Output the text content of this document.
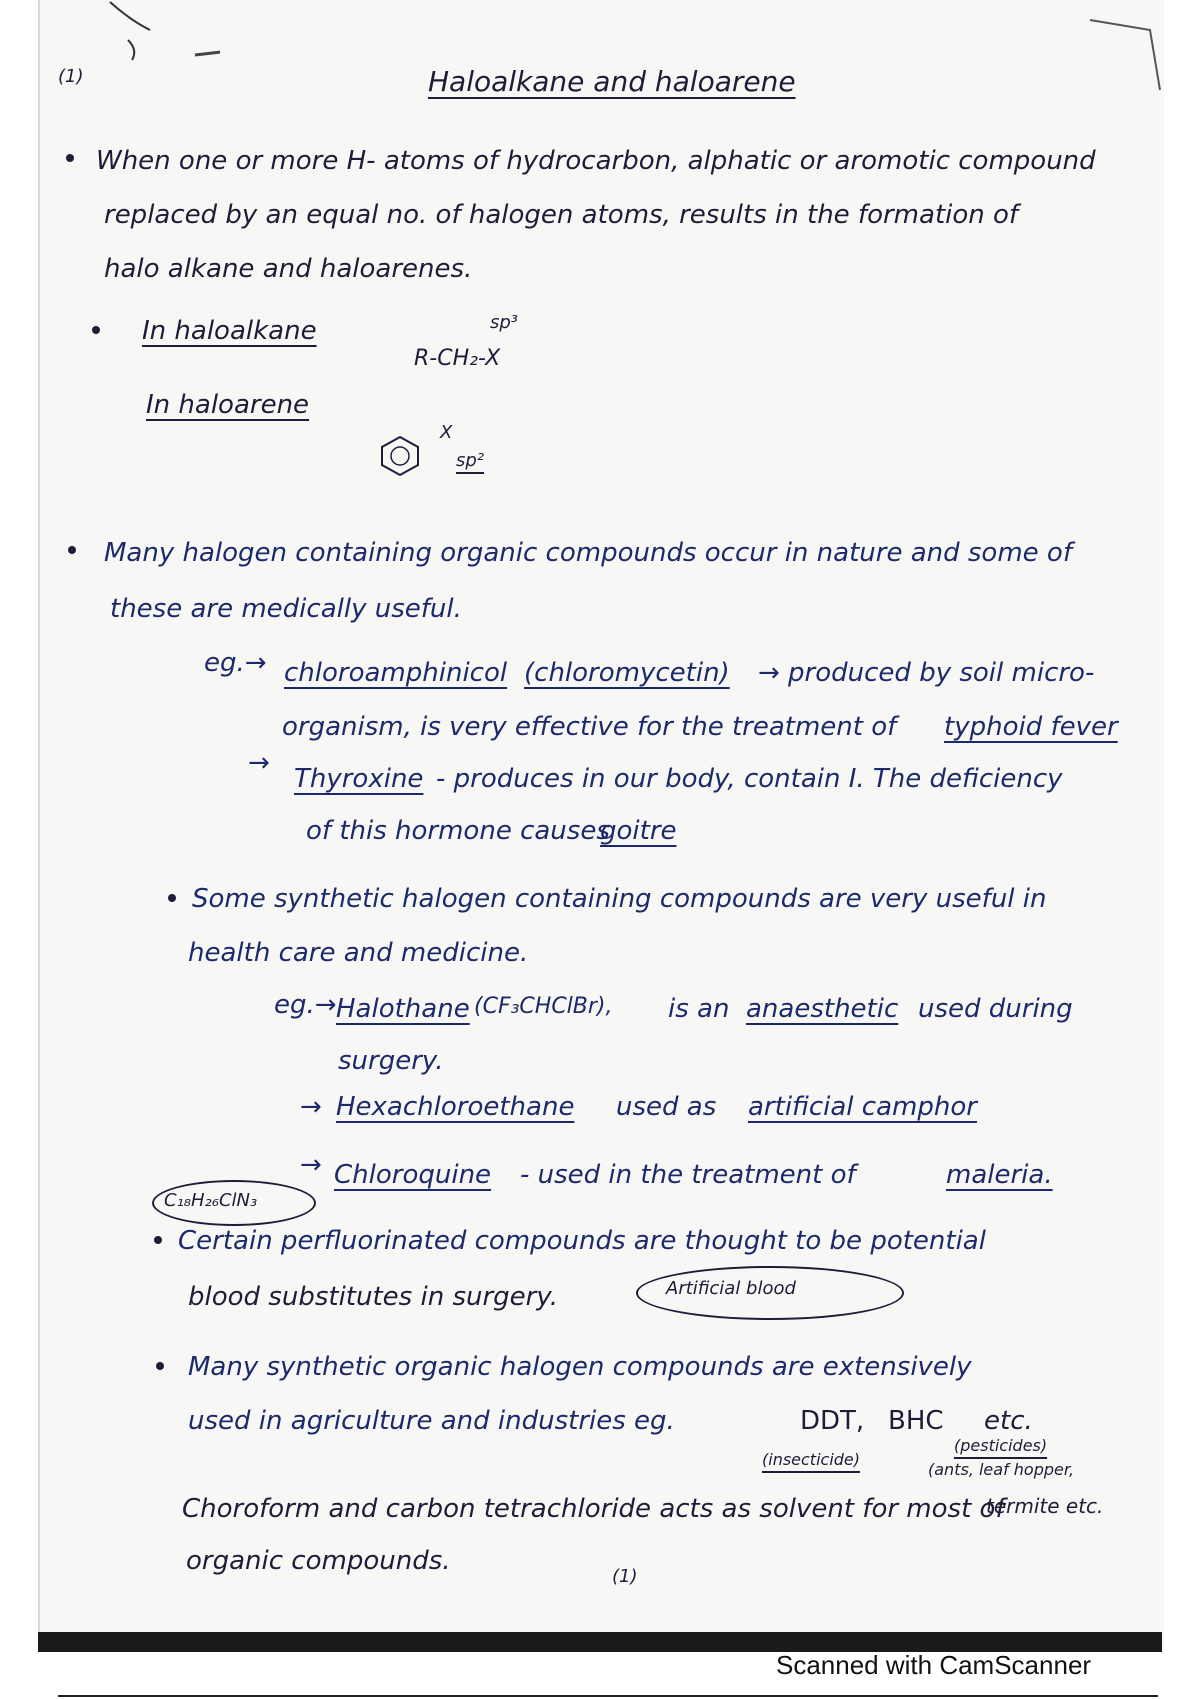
(1)	Haloalkane and haloarene
When one or more H- atoms of hydrocarbon, alphatic or aromotic compound
replaced by an equal no. of halogen atoms, results in the formation of
halo alkane and haloarenes.
In haloalkane	sp³
R-CH₂-X
In haloarene
X
sp²
Many halogen containing organic compounds occur in nature and some of
these are medically useful.
eg.→ chloroamphinicol (chloromycetin) → produced by soil micro-
organism, is very effective for the treatment of typhoid fever
→
Thyroxine - produces in our body, contain I. The deficiency
of this hormone causes
goitre
Some synthetic halogen containing compounds are very useful in
health care and medicine.
eg.→ Halothane (CF₃CHClBr), is an anaesthetic used during
surgery.
→ Hexachloroethane used as artificial camphor
C₁₈H₂₆ClN₃
→ Chloroquine - used in the treatment of	maleria.
Certain perfluorinated compounds are thought to be potential
blood substitutes in surgery.	Artificial blood
Many synthetic organic halogen compounds are extensively
used in agriculture and industries eg.	DDT, BHC etc.
(insecticide)
(pesticides)
(ants, leaf hopper,
Choroform and carbon tetrachloride acts as solvent for most of
termite etc.
organic compounds.
(1)
Scanned with CamScanner
